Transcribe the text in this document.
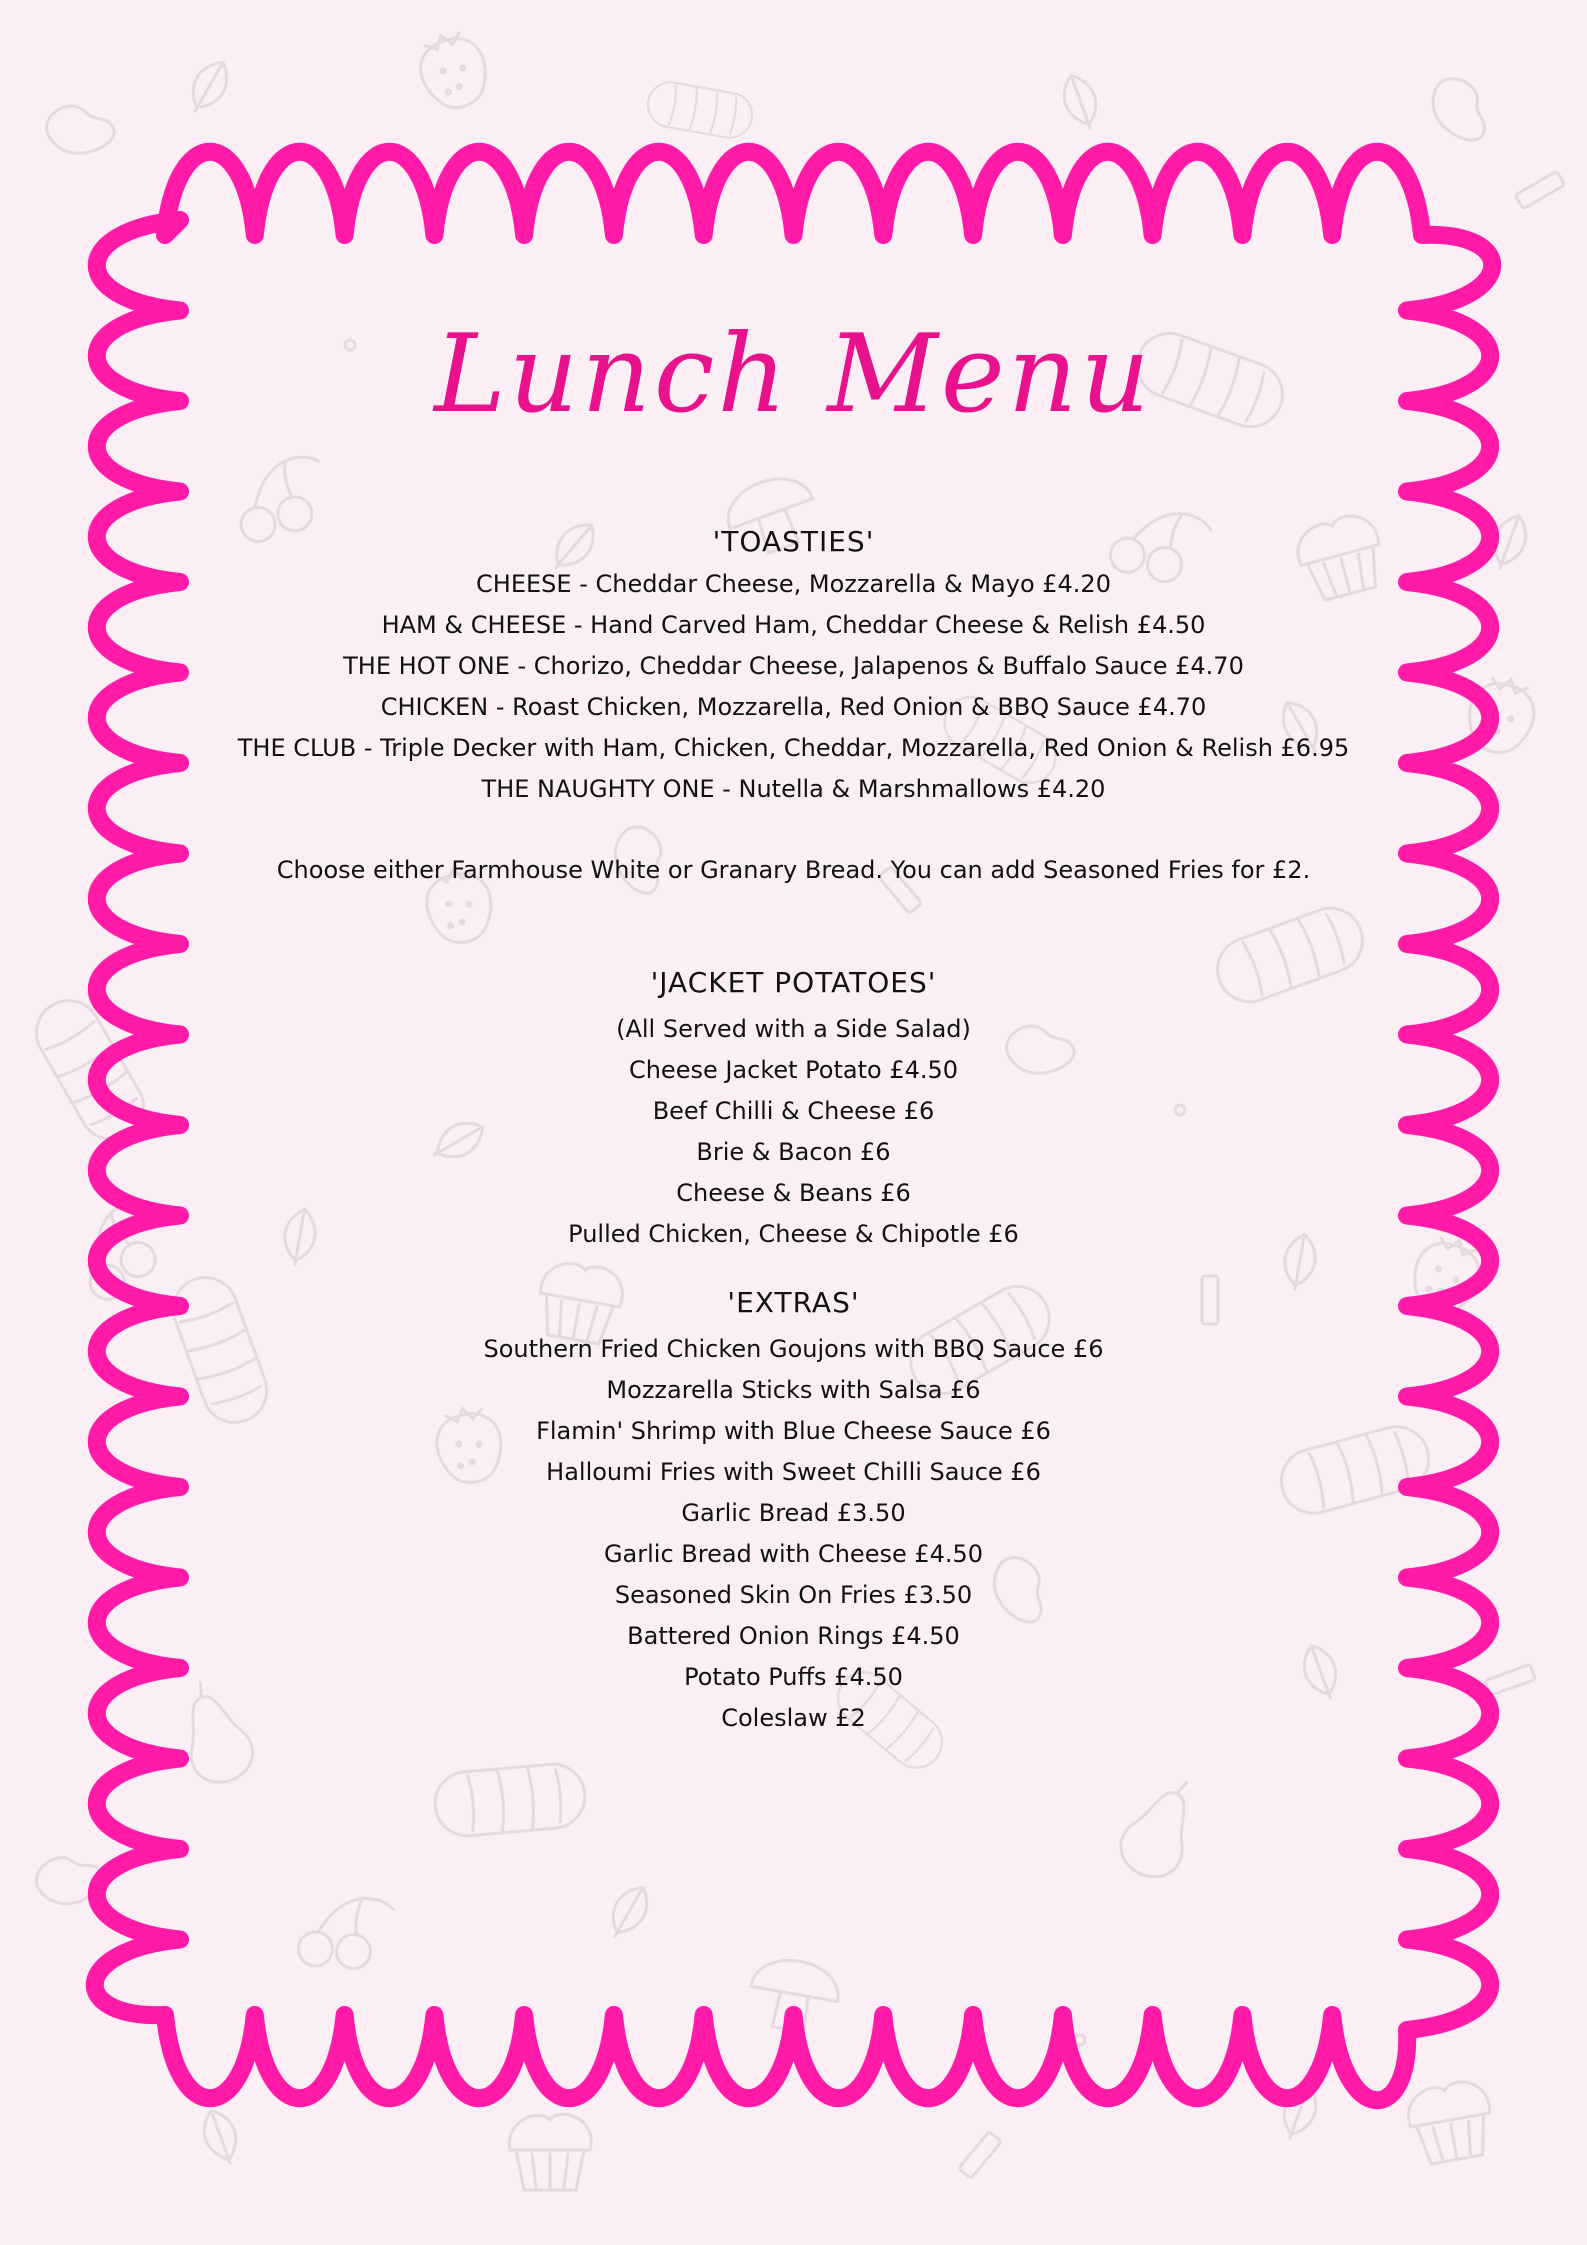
Lunch Menu
'TOASTIES'
CHEESE - Cheddar Cheese, Mozzarella & Mayo £4.20
HAM & CHEESE - Hand Carved Ham, Cheddar Cheese & Relish £4.50
THE HOT ONE - Chorizo, Cheddar Cheese, Jalapenos & Buffalo Sauce £4.70
CHICKEN - Roast Chicken, Mozzarella, Red Onion & BBQ Sauce £4.70
THE CLUB - Triple Decker with Ham, Chicken, Cheddar, Mozzarella, Red Onion & Relish £6.95
THE NAUGHTY ONE - Nutella & Marshmallows £4.20
Choose either Farmhouse White or Granary Bread. You can add Seasoned Fries for £2.
'JACKET POTATOES'
(All Served with a Side Salad)
Cheese Jacket Potato £4.50
Beef Chilli & Cheese £6
Brie & Bacon £6
Cheese & Beans £6
Pulled Chicken, Cheese & Chipotle £6
'EXTRAS'
Southern Fried Chicken Goujons with BBQ Sauce £6
Mozzarella Sticks with Salsa £6
Flamin' Shrimp with Blue Cheese Sauce £6
Halloumi Fries with Sweet Chilli Sauce £6
Garlic Bread £3.50
Garlic Bread with Cheese £4.50
Seasoned Skin On Fries £3.50
Battered Onion Rings £4.50
Potato Puffs £4.50
Coleslaw £2
